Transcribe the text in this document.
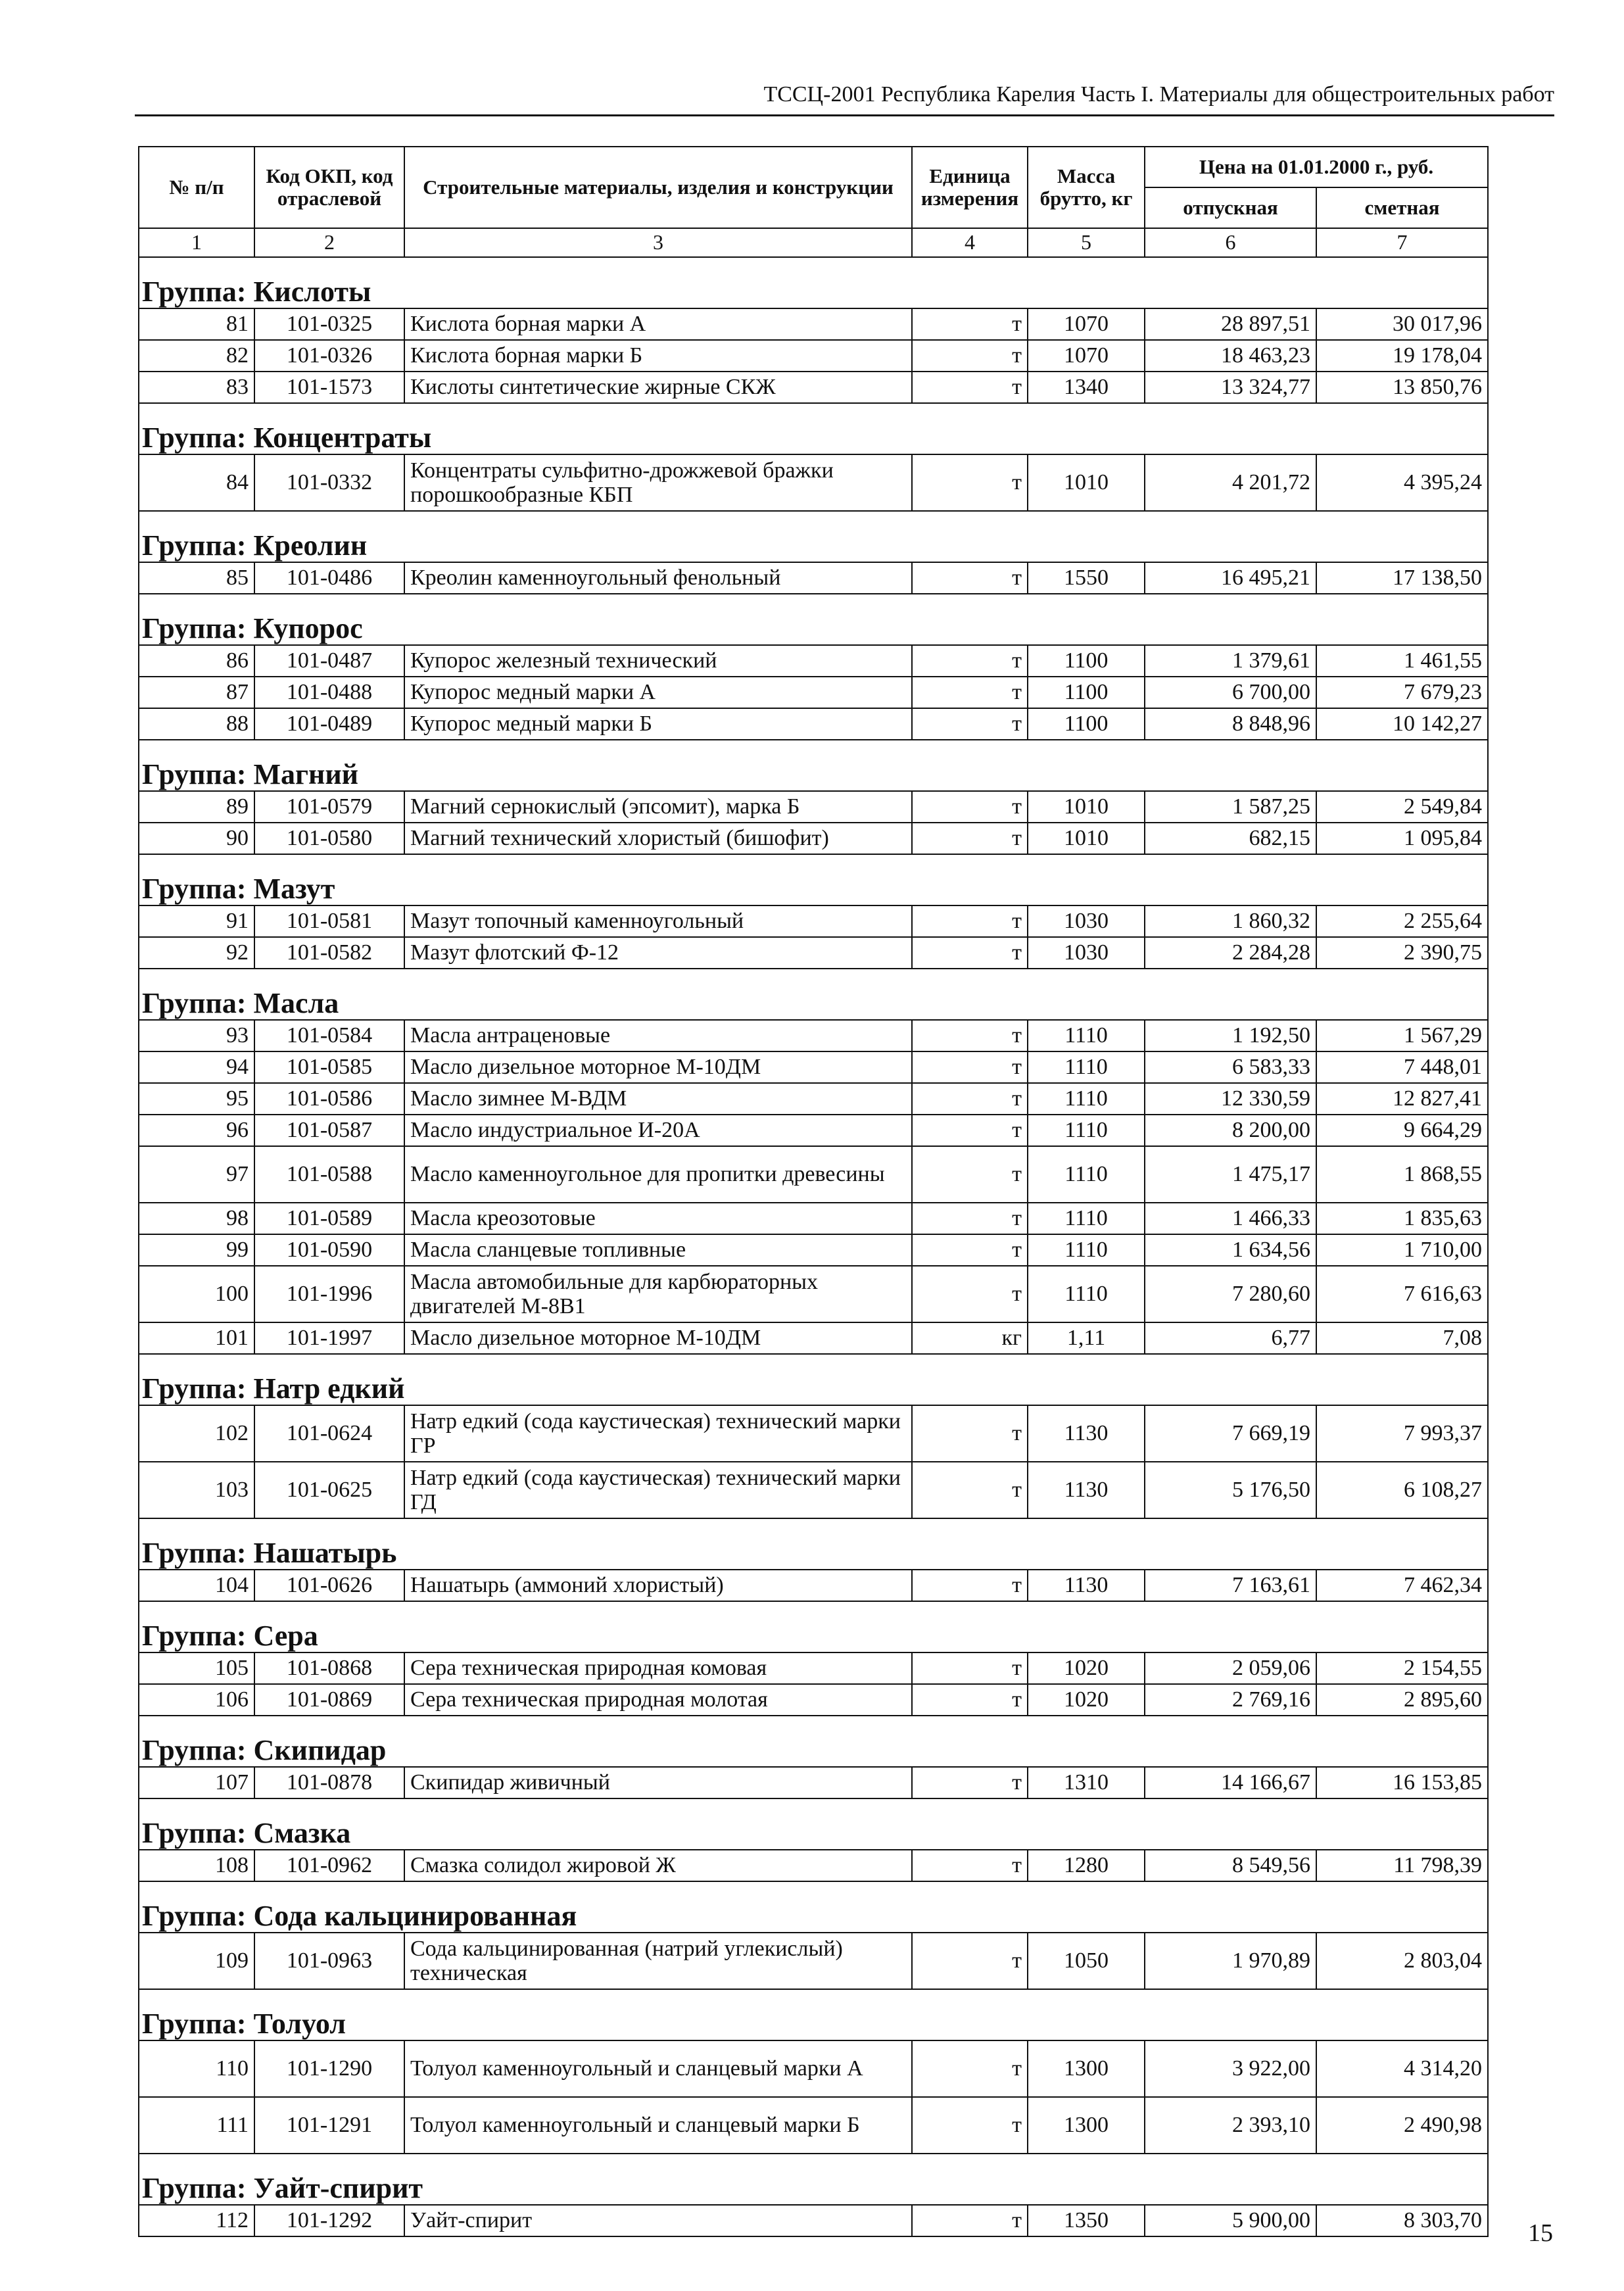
ТССЦ-2001 Республика Карелия Часть I. Материалы для общестроительных работ
№ п/п	Код ОКП, код отраслевой	Строительные материалы, изделия и конструкции	Единица измерения	Масса брутто, кг	Цена на 01.01.2000 г., руб.	
					отпускная	сметная
1	2	3	4	5	6	7
Группа: Кислоты						
81	101-0325	Кислота борная марки А	т	1070	28 897,51	30 017,96
82	101-0326	Кислота борная марки Б	т	1070	18 463,23	19 178,04
83	101-1573	Кислоты синтетические жирные СКЖ	т	1340	13 324,77	13 850,76
Группа: Концентраты						
84	101-0332	Концентраты сульфитно-дрожжевой бражки порошкообразные КБП	т	1010	4 201,72	4 395,24
Группа: Креолин						
85	101-0486	Креолин каменноугольный фенольный	т	1550	16 495,21	17 138,50
Группа: Купорос						
86	101-0487	Купорос железный технический	т	1100	1 379,61	1 461,55
87	101-0488	Купорос медный марки А	т	1100	6 700,00	7 679,23
88	101-0489	Купорос медный марки Б	т	1100	8 848,96	10 142,27
Группа: Магний						
89	101-0579	Магний сернокислый (эпсомит), марка Б	т	1010	1 587,25	2 549,84
90	101-0580	Магний технический хлористый (бишофит)	т	1010	682,15	1 095,84
Группа: Мазут						
91	101-0581	Мазут топочный каменноугольный	т	1030	1 860,32	2 255,64
92	101-0582	Мазут флотский Ф-12	т	1030	2 284,28	2 390,75
Группа: Масла						
93	101-0584	Масла антраценовые	т	1110	1 192,50	1 567,29
94	101-0585	Масло дизельное моторное М-10ДМ	т	1110	6 583,33	7 448,01
95	101-0586	Масло зимнее М-ВДМ	т	1110	12 330,59	12 827,41
96	101-0587	Масло индустриальное И-20А	т	1110	8 200,00	9 664,29
97	101-0588	Масло каменноугольное для пропитки древесины	т	1110	1 475,17	1 868,55
98	101-0589	Масла креозотовые	т	1110	1 466,33	1 835,63
99	101-0590	Масла сланцевые топливные	т	1110	1 634,56	1 710,00
100	101-1996	Масла автомобильные для карбюраторных двигателей М-8В1	т	1110	7 280,60	7 616,63
101	101-1997	Масло дизельное моторное М-10ДМ	кг	1,11	6,77	7,08
Группа: Натр едкий						
102	101-0624	Натр едкий (сода каустическая) технический марки ГР	т	1130	7 669,19	7 993,37
103	101-0625	Натр едкий (сода каустическая) технический марки ГД	т	1130	5 176,50	6 108,27
Группа: Нашатырь						
104	101-0626	Нашатырь (аммоний хлористый)	т	1130	7 163,61	7 462,34
Группа: Сера						
105	101-0868	Сера техническая природная комовая	т	1020	2 059,06	2 154,55
106	101-0869	Сера техническая природная молотая	т	1020	2 769,16	2 895,60
Группа: Скипидар						
107	101-0878	Скипидар живичный	т	1310	14 166,67	16 153,85
Группа: Смазка						
108	101-0962	Смазка солидол жировой Ж	т	1280	8 549,56	11 798,39
Группа: Сода кальцинированная						
109	101-0963	Сода кальцинированная (натрий углекислый) техническая	т	1050	1 970,89	2 803,04
Группа: Толуол						
110	101-1290	Толуол каменноугольный и сланцевый марки А	т	1300	3 922,00	4 314,20
111	101-1291	Толуол каменноугольный и сланцевый марки Б	т	1300	2 393,10	2 490,98
Группа: Уайт-спирит						
112	101-1292	Уайт-спирит	т	1350	5 900,00	8 303,70 15
